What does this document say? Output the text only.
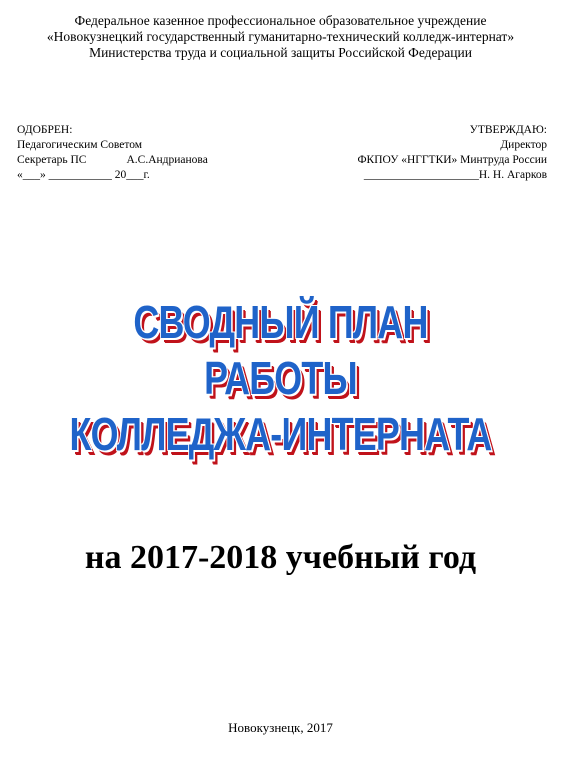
Федеральное казенное профессиональное образовательное учреждение
«Новокузнецкий государственный гуманитарно-технический колледж-интернат»
Министерства труда и социальной защиты Российской Федерации
ОДОБРЕН:
Педагогическим Советом
Секретарь ПС	А.С.Андрианова
«___» ___________ 20___г.
УТВЕРЖДАЮ:
Директор
ФКПОУ «НГГТКИ» Минтруда России
____________________Н. Н. Агарков
СВОДНЫЙ ПЛАН
РАБОТЫ
КОЛЛЕДЖА-ИНТЕРНАТА
на 2017-2018 учебный год
Новокузнецк, 2017
